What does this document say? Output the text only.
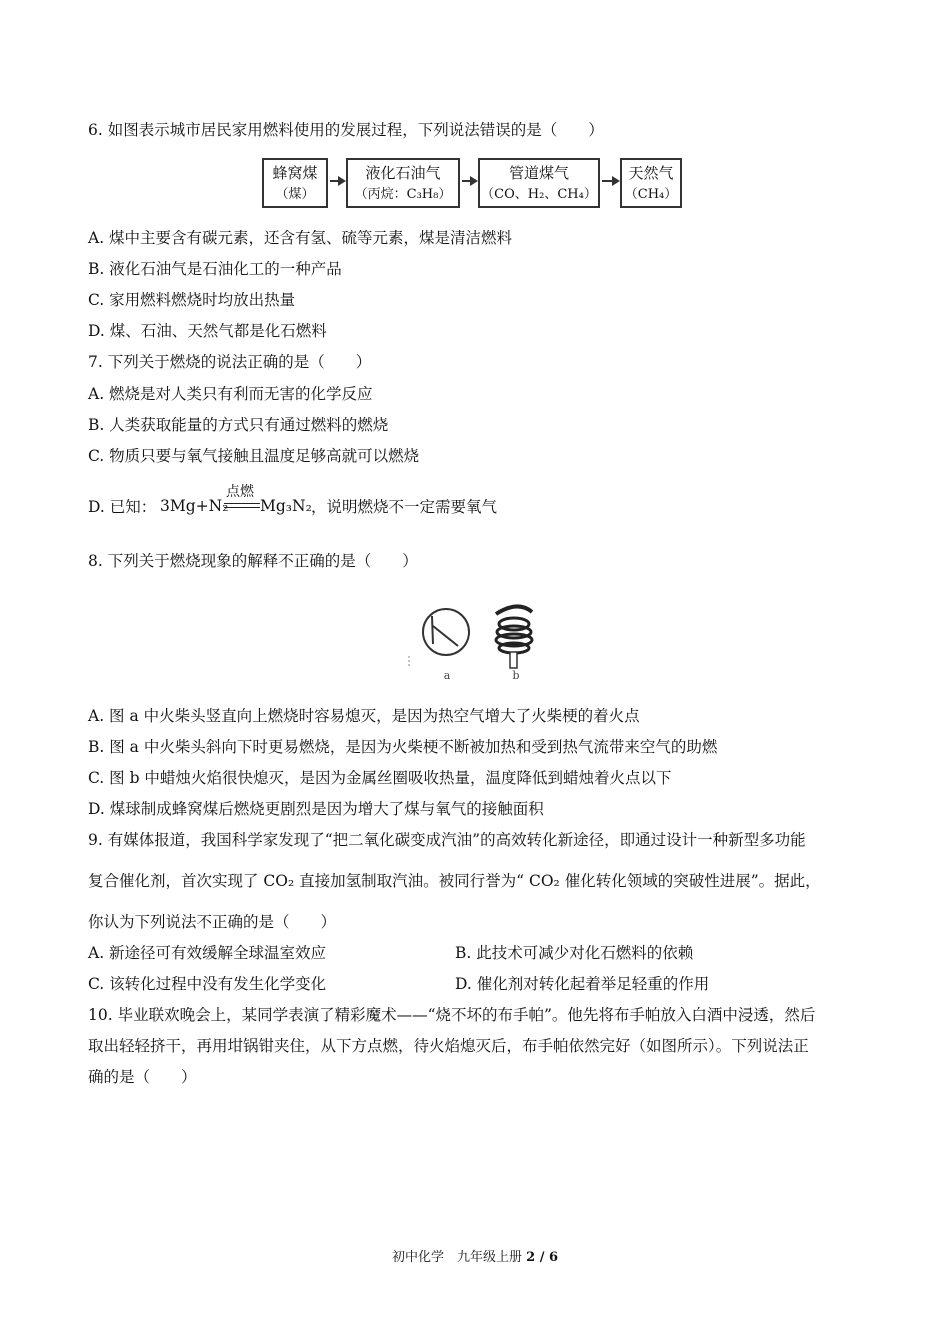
6. 如图表示城市居民家用燃料使用的发展过程，下列说法错误的是（　　）
蜂窝煤
（煤）
液化石油气
（丙烷：C₃H₈）
管道煤气
（CO、H₂、CH₄）
天然气
（CH₄）
A. 煤中主要含有碳元素，还含有氢、硫等元素，煤是清洁燃料
B. 液化石油气是石油化工的一种产品
C. 家用燃料燃烧时均放出热量
D. 煤、石油、天然气都是化石燃料
7. 下列关于燃烧的说法正确的是（　　）
A. 燃烧是对人类只有利而无害的化学反应
B. 人类获取能量的方式只有通过燃料的燃烧
C. 物质只要与氧气接触且温度足够高就可以燃烧
D. 已知： 3Mg+N₂
点燃
Mg₃N₂ ，说明燃烧不一定需要氧气
8. 下列关于燃烧现象的解释不正确的是（　　）
a	b
A. 图 a 中火柴头竖直向上燃烧时容易熄灭，是因为热空气增大了火柴梗的着火点
B. 图 a 中火柴头斜向下时更易燃烧，是因为火柴梗不断被加热和受到热气流带来空气的助燃
C. 图 b 中蜡烛火焰很快熄灭，是因为金属丝圈吸收热量，温度降低到蜡烛着火点以下
D. 煤球制成蜂窝煤后燃烧更剧烈是因为增大了煤与氧气的接触面积
9. 有媒体报道，我国科学家发现了“把二氧化碳变成汽油”的高效转化新途径，即通过设计一种新型多功能
复合催化剂，首次实现了 CO₂ 直接加氢制取汽油。被同行誉为“ CO₂ 催化转化领域的突破性进展”。据此，
你认为下列说法不正确的是（　　）
A. 新途径可有效缓解全球温室效应	B. 此技术可减少对化石燃料的依赖
C. 该转化过程中没有发生化学变化	D. 催化剂对转化起着举足轻重的作用
10. 毕业联欢晚会上，某同学表演了精彩魔术——“烧不坏的布手帕”。他先将布手帕放入白酒中浸透，然后
取出轻轻挤干，再用坩锅钳夹住，从下方点燃，待火焰熄灭后，布手帕依然完好（如图所示）。下列说法正
确的是（　　）
初中化学　九年级上册 2 / 6
